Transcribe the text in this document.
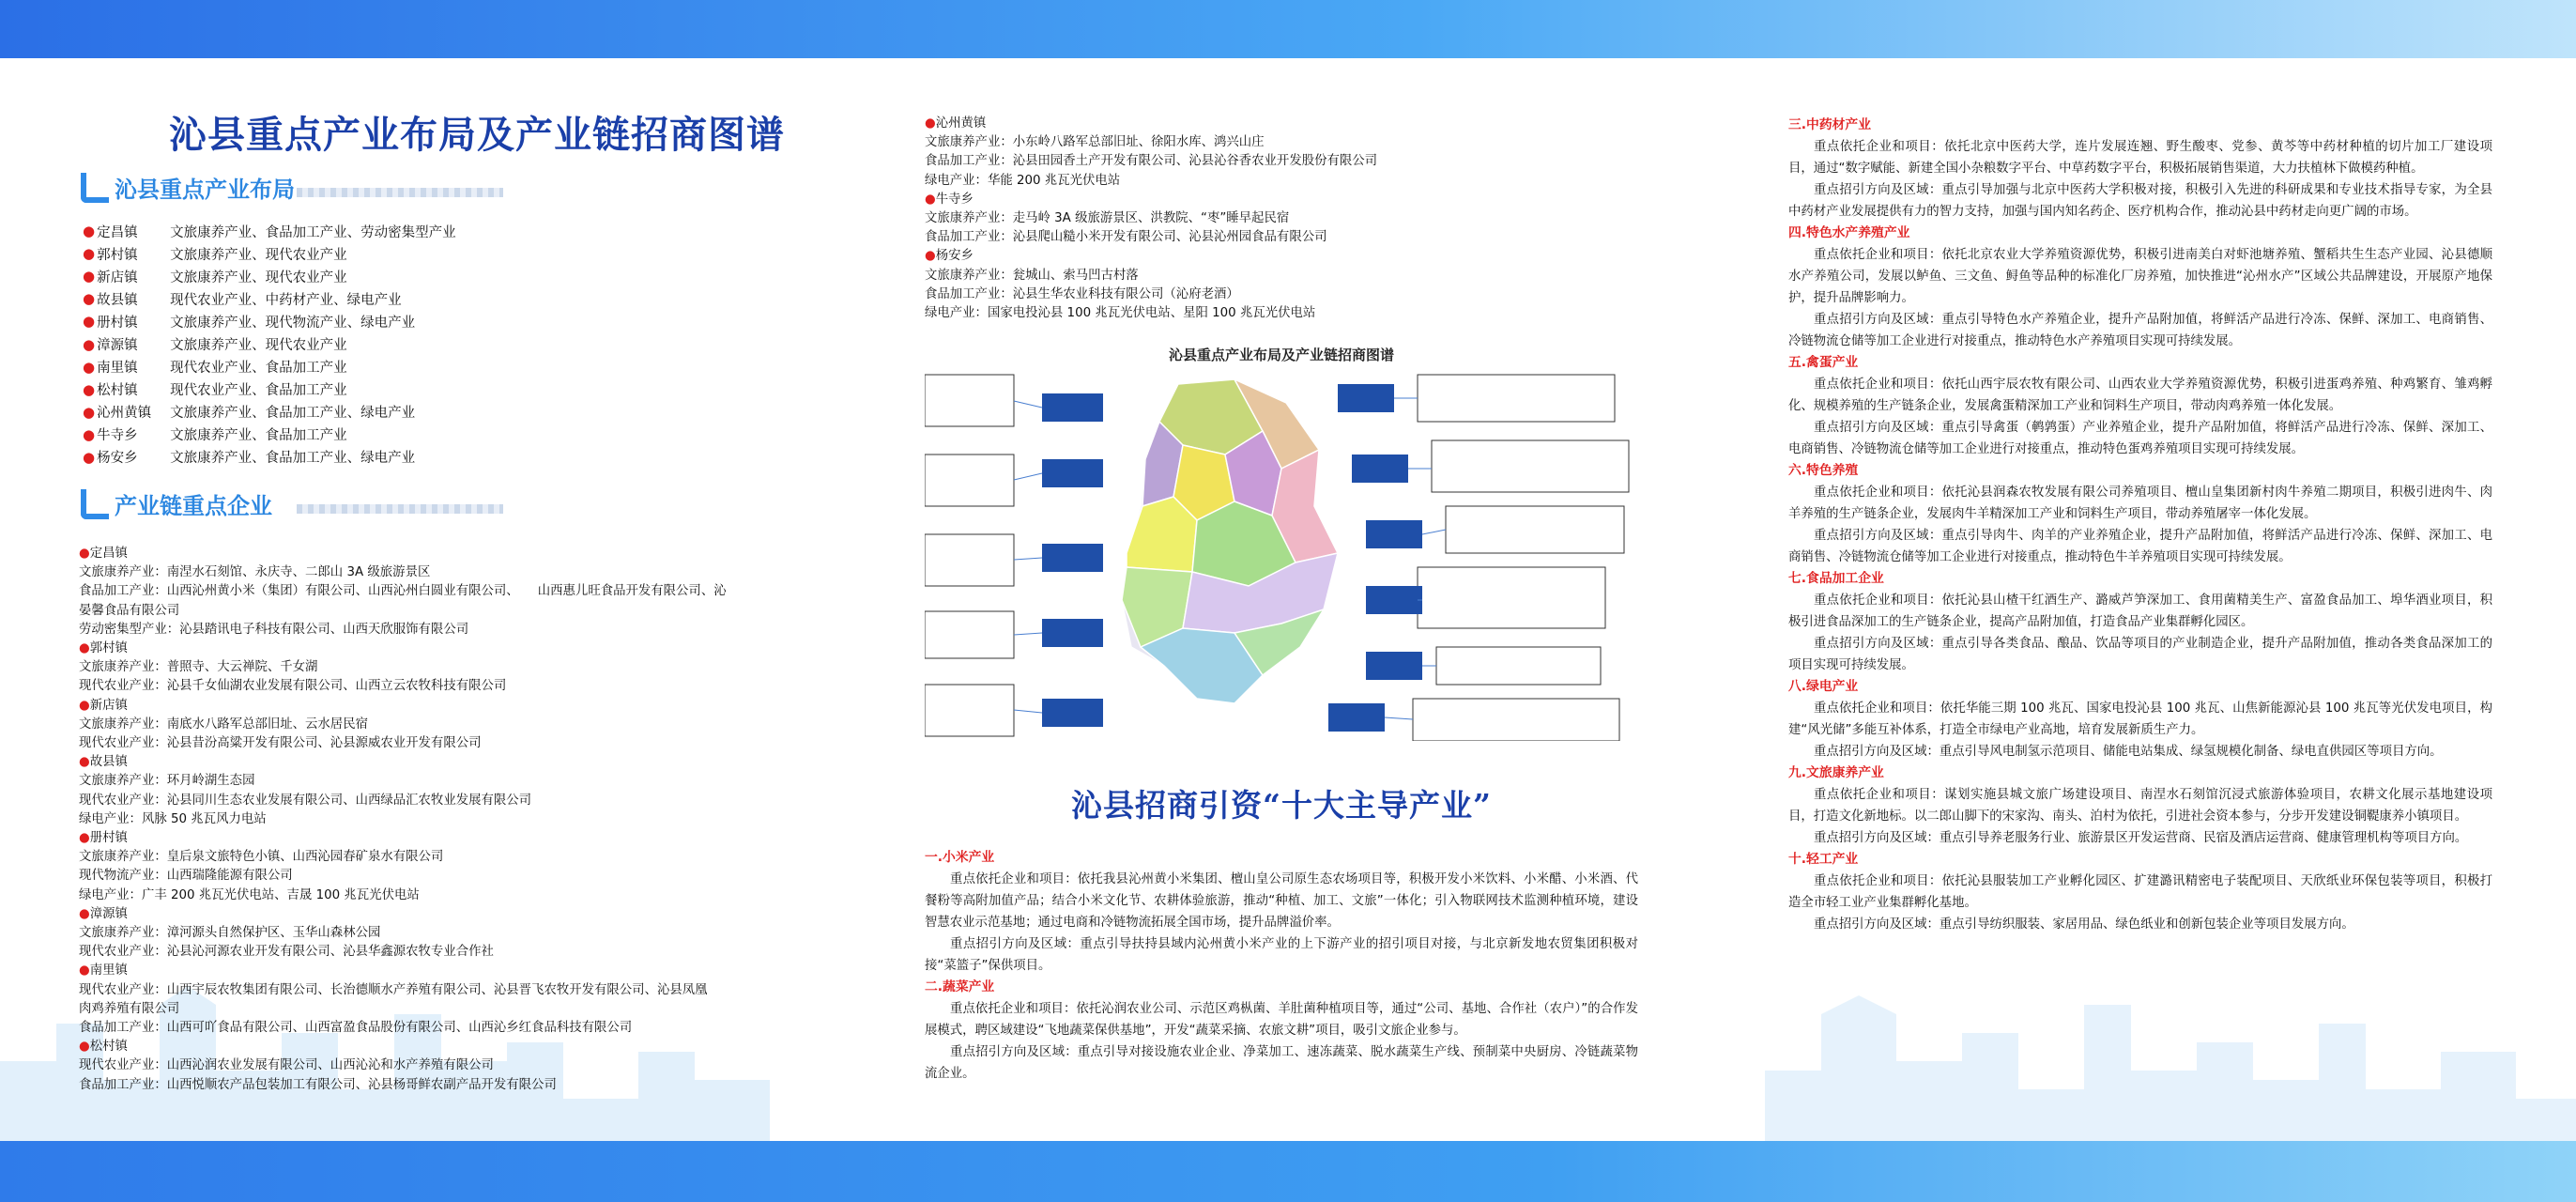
沁县重点产业布局及产业链招商图谱
沁县重点产业布局
● 定昌镇	文旅康养产业、食品加工产业、劳动密集型产业
● 郭村镇	文旅康养产业、现代农业产业
● 新店镇	文旅康养产业、现代农业产业
● 故县镇	现代农业产业、中药材产业、绿电产业
● 册村镇	文旅康养产业、现代物流产业、绿电产业
● 漳源镇	文旅康养产业、现代农业产业
● 南里镇	现代农业产业、食品加工产业
● 松村镇	现代农业产业、食品加工产业
● 沁州黄镇	文旅康养产业、食品加工产业、绿电产业
● 牛寺乡	文旅康养产业、食品加工产业
● 杨安乡	文旅康养产业、食品加工产业、绿电产业
产业链重点企业
●定昌镇
文旅康养产业：南涅水石刻馆、永庆寺、二郎山 3A 级旅游景区
食品加工产业：山西沁州黄小米（集团）有限公司、山西沁州白圆业有限公司、　　山西惠儿旺食品开发有限公司、沁
晏馨食品有限公司
劳动密集型产业：沁县踏讯电子科技有限公司、山西天欣服饰有限公司
●郭村镇
文旅康养产业：普照寺、大云禅院、千女湖
现代农业产业：沁县千女仙湖农业发展有限公司、山西立云农牧科技有限公司
●新店镇
文旅康养产业：南底水八路军总部旧址、云水居民宿
现代农业产业：沁县昔汾高粱开发有限公司、沁县源威农业开发有限公司
●故县镇
文旅康养产业：环月岭湖生态园
现代农业产业：沁县同川生态农业发展有限公司、山西绿品汇农牧业发展有限公司
绿电产业：风脉 50 兆瓦风力电站
●册村镇
文旅康养产业：皇后泉文旅特色小镇、山西沁园春矿泉水有限公司
现代物流产业：山西瑞隆能源有限公司
绿电产业：广丰 200 兆瓦光伏电站、吉晟 100 兆瓦光伏电站
●漳源镇
文旅康养产业：漳河源头自然保护区、玉华山森林公园
现代农业产业：沁县沁河源农业开发有限公司、沁县华鑫源农牧专业合作社
●南里镇
现代农业产业：山西宇辰农牧集团有限公司、长治德顺水产养殖有限公司、沁县晋飞农牧开发有限公司、沁县凤凰
肉鸡养殖有限公司
食品加工产业：山西可吖食品有限公司、山西富盈食品股份有限公司、山西沁乡红食品科技有限公司
●松村镇
现代农业产业：山西沁润农业发展有限公司、山西沁沁和水产养殖有限公司
食品加工产业：山西悦顺农产品包装加工有限公司、沁县杨哥鲜农副产品开发有限公司
●沁州黄镇
文旅康养产业：小东岭八路军总部旧址、徐阳水库、鸿兴山庄
食品加工产业：沁县田园香土产开发有限公司、沁县沁谷香农业开发股份有限公司
绿电产业：华能 200 兆瓦光伏电站
●牛寺乡
文旅康养产业：走马岭 3A 级旅游景区、洪教院、“枣”睡早起民宿
食品加工产业：沁县爬山糙小米开发有限公司、沁县沁州园食品有限公司
●杨安乡
文旅康养产业：瓮城山、索马凹古村落
食品加工产业：沁县生华农业科技有限公司（沁府老酒）
绿电产业：国家电投沁县 100 兆瓦光伏电站、星阳 100 兆瓦光伏电站
沁县重点产业布局及产业链招商图谱
沁县招商引资“十大主导产业”
一.小米产业
重点依托企业和项目：依托我县沁州黄小米集团、檀山皇公司原生态农场项目等，积极开发小米饮料、小米醋、小米酒、代餐粉等高附加值产品；结合小米文化节、农耕体验旅游，推动“种植、加工、文旅”一体化；引入物联网技术监测种植环境，建设智慧农业示范基地；通过电商和冷链物流拓展全国市场，提升品牌溢价率。
重点招引方向及区域：重点引导扶持县域内沁州黄小米产业的上下游产业的招引项目对接，与北京新发地农贸集团积极对接“菜篮子”保供项目。
二.蔬菜产业
重点依托企业和项目：依托沁润农业公司、示范区鸡枞菌、羊肚菌种植项目等，通过“公司、基地、合作社（农户）”的合作发展模式，聘区域建设“飞地蔬菜保供基地”，开发“蔬菜采摘、农旅文耕”项目，吸引文旅企业参与。
重点招引方向及区域：重点引导对接设施农业企业、净菜加工、速冻蔬菜、脱水蔬菜生产线、预制菜中央厨房、冷链蔬菜物流企业。
三.中药材产业
重点依托企业和项目：依托北京中医药大学，连片发展连翘、野生酸枣、党参、黄芩等中药材种植的切片加工厂建设项目，通过“数字赋能、新建全国小杂粮数字平台、中草药数字平台，积极拓展销售渠道，大力扶植林下做模药种植。
重点招引方向及区域：重点引导加强与北京中医药大学积极对接，积极引入先进的科研成果和专业技术指导专家，为全县中药材产业发展提供有力的智力支持，加强与国内知名药企、医疗机构合作，推动沁县中药材走向更广阔的市场。
四.特色水产养殖产业
重点依托企业和项目：依托北京农业大学养殖资源优势，积极引进南美白对虾池塘养殖、蟹稻共生生态产业园、沁县德顺水产养殖公司，发展以鲈鱼、三文鱼、鲟鱼等品种的标准化厂房养殖，加快推进“沁州水产”区域公共品牌建设，开展原产地保护，提升品牌影响力。
重点招引方向及区域：重点引导特色水产养殖企业，提升产品附加值，将鲜活产品进行冷冻、保鲜、深加工、电商销售、冷链物流仓储等加工企业进行对接重点，推动特色水产养殖项目实现可持续发展。
五.禽蛋产业
重点依托企业和项目：依托山西宇辰农牧有限公司、山西农业大学养殖资源优势，积极引进蛋鸡养殖、种鸡繁育、雏鸡孵化、规模养殖的生产链条企业，发展禽蛋精深加工产业和饲料生产项目，带动肉鸡养殖一体化发展。
重点招引方向及区域：重点引导禽蛋（鹌鹑蛋）产业养殖企业，提升产品附加值，将鲜活产品进行冷冻、保鲜、深加工、电商销售、冷链物流仓储等加工企业进行对接重点，推动特色蛋鸡养殖项目实现可持续发展。
六.特色养殖
重点依托企业和项目：依托沁县润森农牧发展有限公司养殖项目、檀山皇集团新村肉牛养殖二期项目，积极引进肉牛、肉羊养殖的生产链条企业，发展肉牛羊精深加工产业和饲料生产项目，带动养殖屠宰一体化发展。
重点招引方向及区域：重点引导肉牛、肉羊的产业养殖企业，提升产品附加值，将鲜活产品进行冷冻、保鲜、深加工、电商销售、冷链物流仓储等加工企业进行对接重点，推动特色牛羊养殖项目实现可持续发展。
七.食品加工企业
重点依托企业和项目：依托沁县山楂干红酒生产、潞威芦笋深加工、食用菌精美生产、富盈食品加工、埠华酒业项目，积极引进食品深加工的生产链条企业，提高产品附加值，打造食品产业集群孵化园区。
重点招引方向及区域：重点引导各类食品、酿品、饮品等项目的产业制造企业，提升产品附加值，推动各类食品深加工的项目实现可持续发展。
八.绿电产业
重点依托企业和项目：依托华能三期 100 兆瓦、国家电投沁县 100 兆瓦、山焦新能源沁县 100 兆瓦等光伏发电项目，构建“风光储”多能互补体系，打造全市绿电产业高地，培育发展新质生产力。
重点招引方向及区域：重点引导风电制氢示范项目、储能电站集成、绿氢规模化制备、绿电直供园区等项目方向。
九.文旅康养产业
重点依托企业和项目：谋划实施县城文旅广场建设项目、南涅水石刻馆沉浸式旅游体验项目，农耕文化展示基地建设项目，打造文化新地标。以二郎山脚下的宋家沟、南头、泊村为依托，引进社会资本参与，分步开发建设铜鞮康养小镇项目。
重点招引方向及区域：重点引导养老服务行业、旅游景区开发运营商、民宿及酒店运营商、健康管理机构等项目方向。
十.轻工产业
重点依托企业和项目：依托沁县服装加工产业孵化园区、扩建潞讯精密电子装配项目、天欣纸业环保包装等项目，积极打造全市轻工业产业集群孵化基地。
重点招引方向及区域：重点引导纺织服装、家居用品、绿色纸业和创新包装企业等项目发展方向。
